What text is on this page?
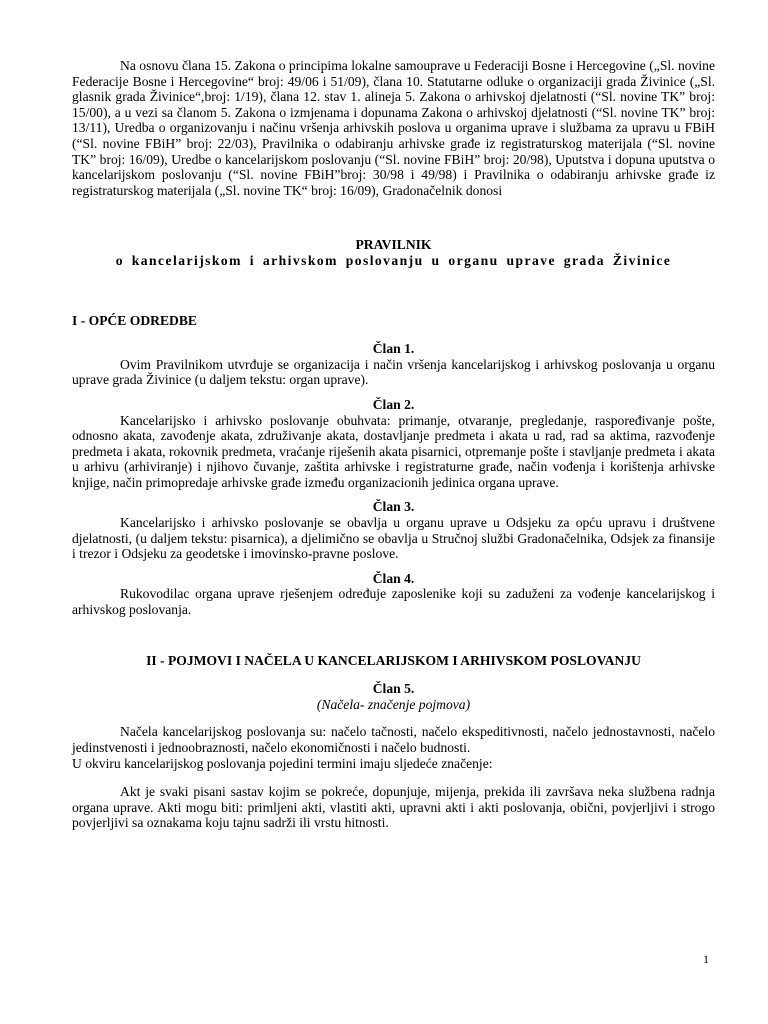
Na osnovu člana 15. Zakona o principima lokalne samouprave u Federaciji Bosne i Hercegovine („Sl. novine Federacije Bosne i Hercegovine“ broj: 49/06 i 51/09), člana 10. Statutarne odluke o organizaciji grada Živinice („Sl. glasnik grada Živinice“,broj: 1/19), člana 12. stav 1. alineja 5. Zakona o arhivskoj djelatnosti (“Sl. novine TK” broj: 15/00), a u vezi sa članom 5. Zakona o izmjenama i dopunama Zakona o arhivskoj djelatnosti (“Sl. novine TK” broj: 13/11), Uredba o organizovanju i načinu vršenja arhivskih poslova u organima uprave i službama za upravu u FBiH (“Sl. novine FBiH” broj: 22/03), Pravilnika o odabiranju arhivske građe iz registraturskog materijala (“Sl. novine TK” broj: 16/09), Uredbe o kancelarijskom poslovanju (“Sl. novine FBiH” broj: 20/98), Uputstva i dopuna uputstva o kancelarijskom poslovanju (“Sl. novine FBiH”broj: 30/98 i 49/98) i Pravilnika o odabiranju arhivske građe iz registraturskog materijala („Sl. novine TK“ broj: 16/09), Gradonačelnik donosi

PRAVILNIK

o kancelarijskom i arhivskom poslovanju u organu uprave grada Živinice

I - OPĆE ODREDBE

Član 1.

Ovim Pravilnikom utvrđuje se organizacija i način vršenja kancelarijskog i arhivskog poslovanja u organu uprave grada Živinice (u daljem tekstu: organ uprave).

Član 2.

Kancelarijsko i arhivsko poslovanje obuhvata: primanje, otvaranje, pregledanje, raspoređivanje pošte, odnosno akata, zavođenje akata, združivanje akata, dostavljanje predmeta i akata u rad, rad sa aktima, razvođenje predmeta i akata, rokovnik predmeta, vraćanje riješenih akata pisarnici, otpremanje pošte i stavljanje predmeta i akata u arhivu (arhiviranje) i njihovo čuvanje, zaštita arhivske i registraturne građe, način vođenja i korištenja arhivske knjige, način primopredaje arhivske građe između organizacionih jedinica organa uprave.

Član 3.

Kancelarijsko i arhivsko poslovanje se obavlja u organu uprave u Odsjeku za opću upravu i društvene djelatnosti, (u daljem tekstu: pisarnica), a djelimično se obavlja u Stručnoj službi Gradonačelnika, Odsjek za finansije i trezor i Odsjeku za geodetske i imovinsko-pravne poslove.

Član 4.

Rukovodilac organa uprave rješenjem određuje zaposlenike koji su zaduženi za vođenje kancelarijskog i arhivskog poslovanja.

II - POJMOVI I NAČELA U KANCELARIJSKOM I ARHIVSKOM POSLOVANJU

Član 5.

(Načela- značenje pojmova)

Načela kancelarijskog poslovanja su: načelo tačnosti, načelo ekspeditivnosti, načelo jednostavnosti, načelo jedinstvenosti i jednoobraznosti, načelo ekonomičnosti i načelo budnosti.

U okviru kancelarijskog poslovanja pojedini termini imaju sljedeće značenje:

Akt je svaki pisani sastav kojim se pokreće, dopunjuje, mijenja, prekida ili završava neka službena radnja organa uprave. Akti mogu biti: primljeni akti, vlastiti akti, upravni akti i akti poslovanja, obični, povjerljivi i strogo povjerljivi sa oznakama koju tajnu sadrži ili vrstu hitnosti.

1
